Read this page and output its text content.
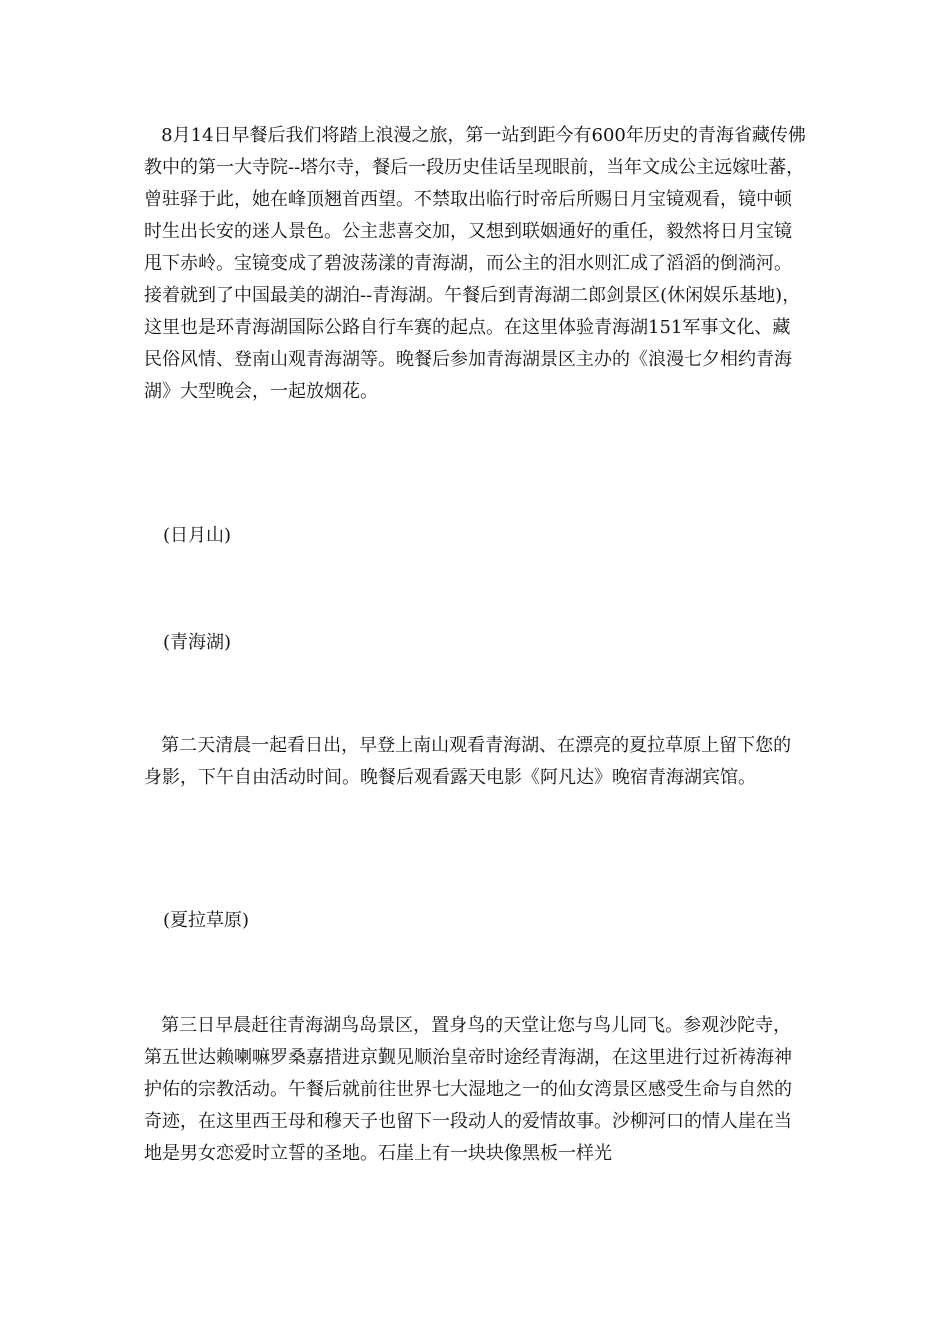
8月14日早餐后我们将踏上浪漫之旅，第一站到距今有600年历史的青海省藏传佛教中的第一大寺院--塔尔寺，餐后一段历史佳话呈现眼前，当年文成公主远嫁吐蕃，曾驻驿于此，她在峰顶翘首西望。不禁取出临行时帝后所赐日月宝镜观看，镜中顿时生出长安的迷人景色。公主悲喜交加，又想到联姻通好的重任，毅然将日月宝镜甩下赤岭。宝镜变成了碧波荡漾的青海湖，而公主的泪水则汇成了滔滔的倒淌河。接着就到了中国最美的湖泊--青海湖。午餐后到青海湖二郎剑景区(休闲娱乐基地)，这里也是环青海湖国际公路自行车赛的起点。在这里体验青海湖151军事文化、藏民俗风情、登南山观青海湖等。晚餐后参加青海湖景区主办的《浪漫七夕相约青海湖》大型晚会，一起放烟花。

(日月山)

(青海湖)

第二天清晨一起看日出，早登上南山观看青海湖、在漂亮的夏拉草原上留下您的身影，下午自由活动时间。晚餐后观看露天电影《阿凡达》晚宿青海湖宾馆。

(夏拉草原)

第三日早晨赶往青海湖鸟岛景区，置身鸟的天堂让您与鸟儿同飞。参观沙陀寺，第五世达赖喇嘛罗桑嘉措进京觐见顺治皇帝时途经青海湖，在这里进行过祈祷海神护佑的宗教活动。午餐后就前往世界七大湿地之一的仙女湾景区感受生命与自然的奇迹，在这里西王母和穆天子也留下一段动人的爱情故事。沙柳河口的情人崖在当地是男女恋爱时立誓的圣地。石崖上有一块块像黑板一样光
